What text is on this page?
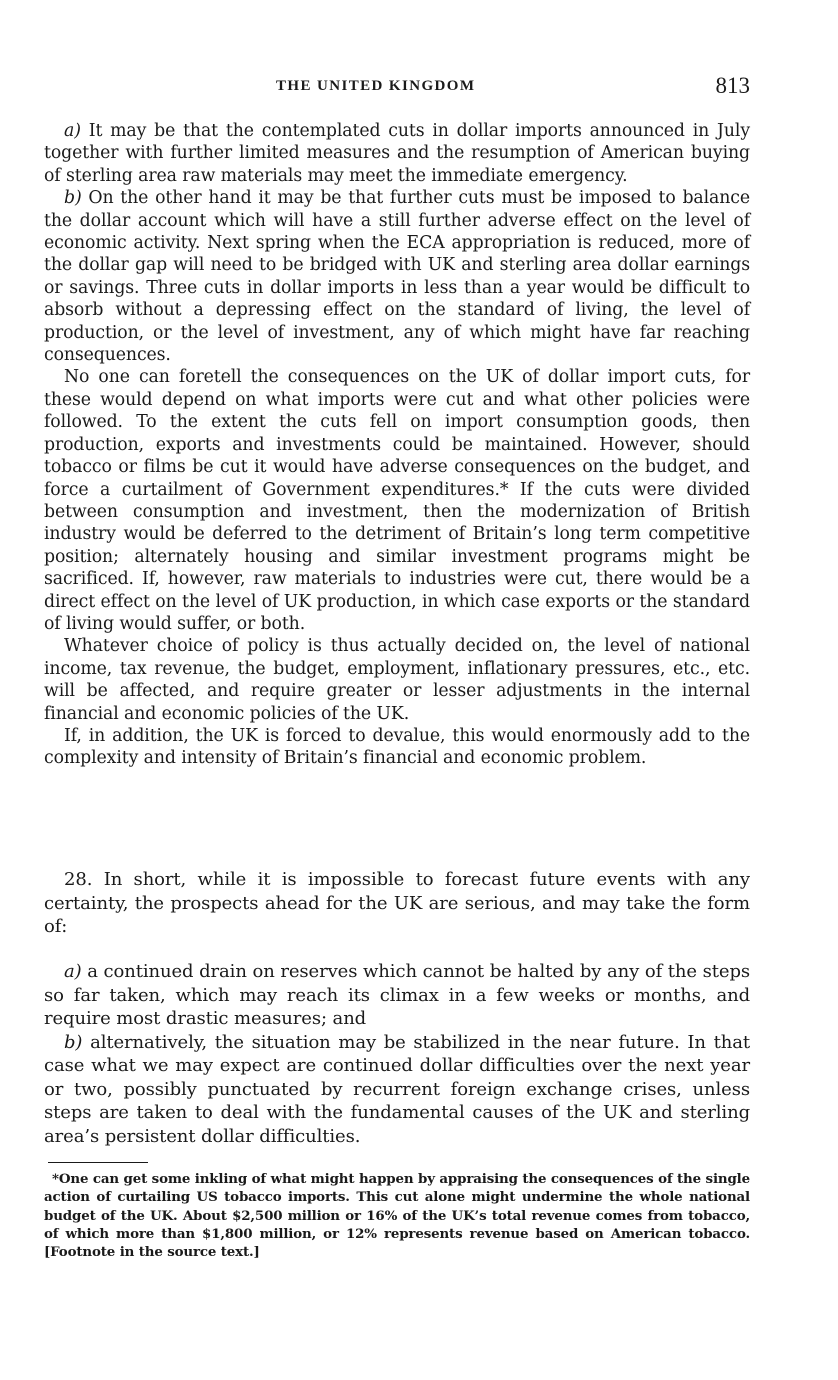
THE UNITED KINGDOM	813

a) It may be that the contemplated cuts in dollar imports announced in July together with further limited measures and the resumption of American buying of sterling area raw materials may meet the immediate emergency.

b) On the other hand it may be that further cuts must be imposed to balance the dollar account which will have a still further adverse effect on the level of economic activity. Next spring when the ECA appropriation is reduced, more of the dollar gap will need to be bridged with UK and sterling area dollar earnings or savings. Three cuts in dollar imports in less than a year would be difficult to absorb without a depressing effect on the standard of living, the level of production, or the level of investment, any of which might have far reaching consequences.

No one can foretell the consequences on the UK of dollar import cuts, for these would depend on what imports were cut and what other policies were followed. To the extent the cuts fell on import consumption goods, then production, exports and investments could be maintained. However, should tobacco or films be cut it would have adverse consequences on the budget, and force a curtailment of Government expenditures.* If the cuts were divided between consumption and investment, then the modernization of British industry would be deferred to the detriment of Britain’s long term competitive position; alternately housing and similar investment programs might be sacrificed. If, however, raw materials to industries were cut, there would be a direct effect on the level of UK production, in which case exports or the standard of living would suffer, or both.

Whatever choice of policy is thus actually decided on, the level of national income, tax revenue, the budget, employment, inflationary pressures, etc., etc. will be affected, and require greater or lesser adjustments in the internal financial and economic policies of the UK.

If, in addition, the UK is forced to devalue, this would enormously add to the complexity and intensity of Britain’s financial and economic problem.

28. In short, while it is impossible to forecast future events with any certainty, the prospects ahead for the UK are serious, and may take the form of:

a) a continued drain on reserves which cannot be halted by any of the steps so far taken, which may reach its climax in a few weeks or months, and require most drastic measures; and

b) alternatively, the situation may be stabilized in the near future. In that case what we may expect are continued dollar difficulties over the next year or two, possibly punctuated by recurrent foreign exchange crises, unless steps are taken to deal with the fundamental causes of the UK and sterling area’s persistent dollar difficulties.

*One can get some inkling of what might happen by appraising the consequences of the single action of curtailing US tobacco imports. This cut alone might undermine the whole national budget of the UK. About $2,500 million or 16% of the UK’s total revenue comes from tobacco, of which more than $1,800 million, or 12% represents revenue based on American tobacco. [Footnote in the source text.]
